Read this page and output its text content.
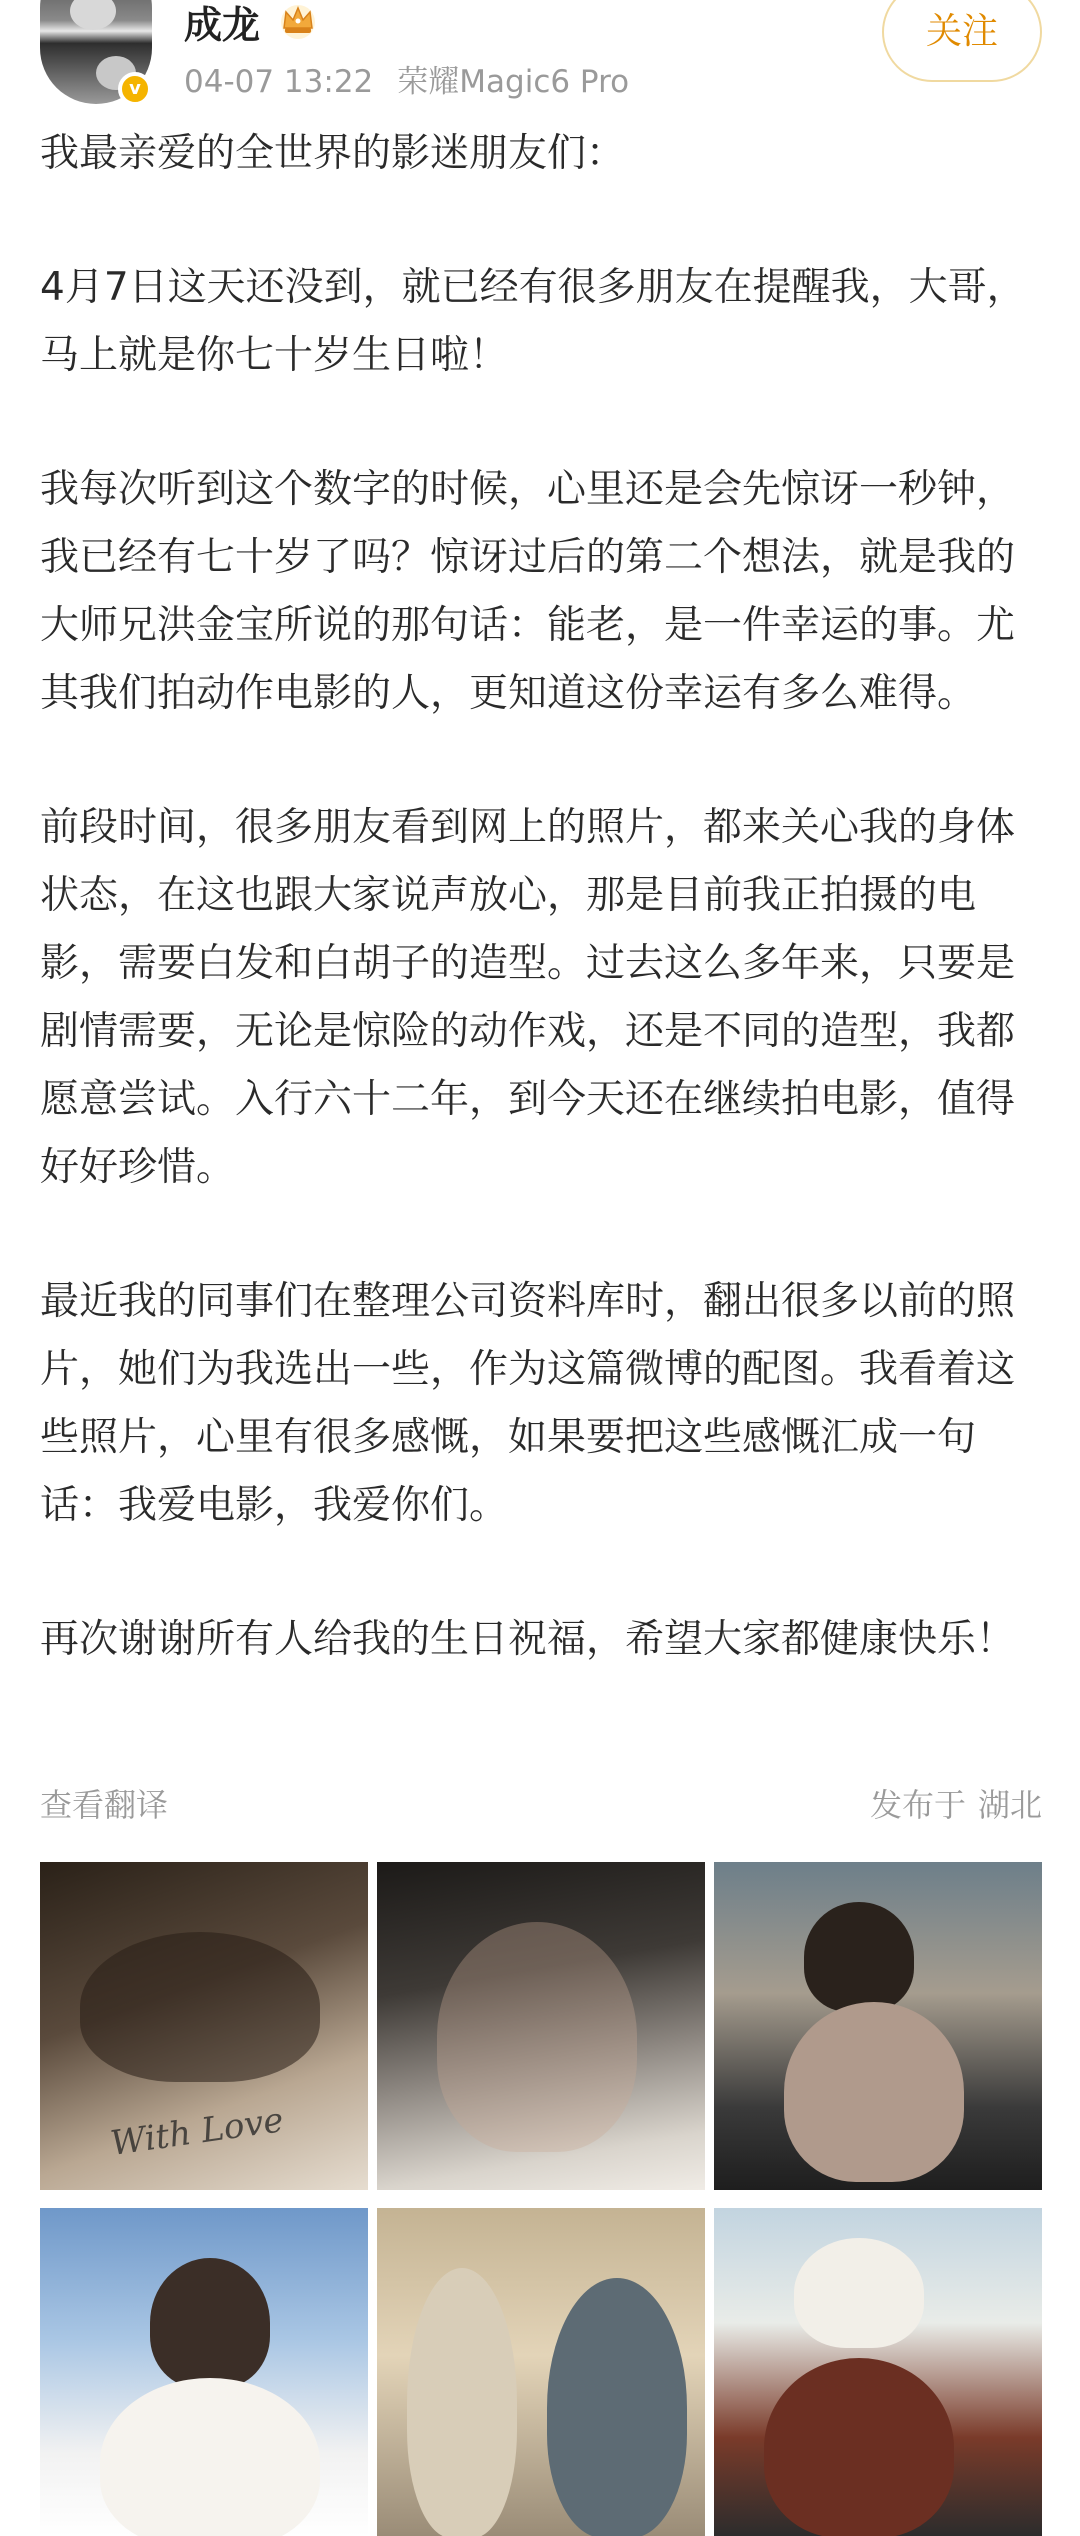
v
成龙
04-07 13:22 荣耀Magic6 Pro
关注

我最亲爱的全世界的影迷朋友们：

4月7日这天还没到，就已经有很多朋友在提醒我，大哥，马上就是你七十岁生日啦！

我每次听到这个数字的时候，心里还是会先惊讶一秒钟，我已经有七十岁了吗？惊讶过后的第二个想法，就是我的大师兄洪金宝所说的那句话：能老，是一件幸运的事。尤其我们拍动作电影的人，更知道这份幸运有多么难得。

前段时间，很多朋友看到网上的照片，都来关心我的身体状态，在这也跟大家说声放心，那是目前我正拍摄的电影，需要白发和白胡子的造型。过去这么多年来，只要是剧情需要，无论是惊险的动作戏，还是不同的造型，我都愿意尝试。入行六十二年，到今天还在继续拍电影，值得好好珍惜。

最近我的同事们在整理公司资料库时，翻出很多以前的照片，她们为我选出一些，作为这篇微博的配图。我看着这些照片，心里有很多感慨，如果要把这些感慨汇成一句话：我爱电影，我爱你们。

再次谢谢所有人给我的生日祝福，希望大家都健康快乐！

查看翻译	发布于 湖北
With Love
